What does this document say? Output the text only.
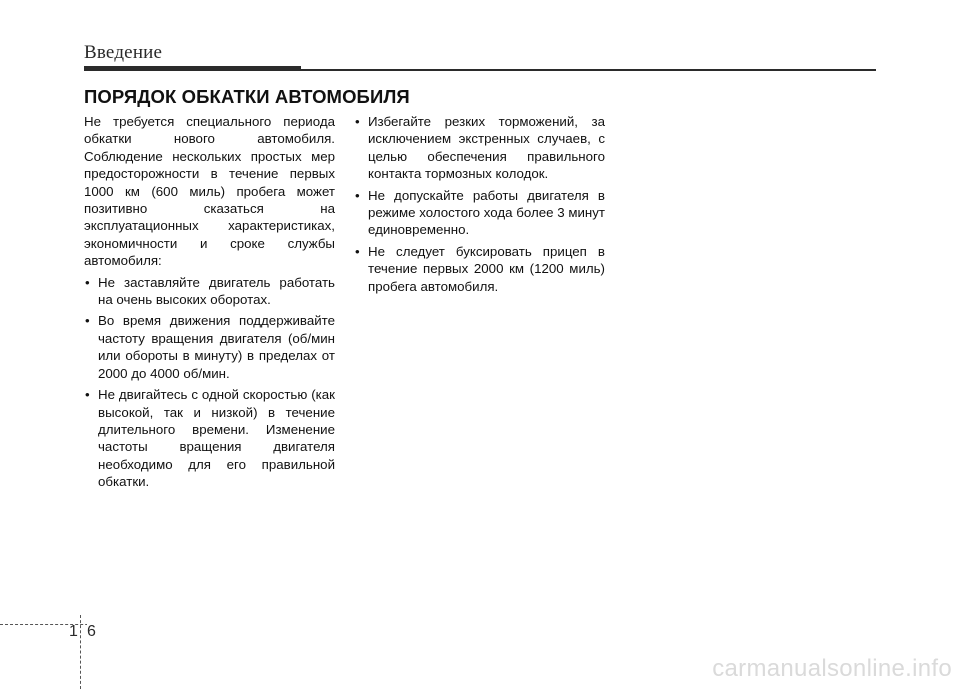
Введение
ПОРЯДОК ОБКАТКИ АВТОМОБИЛЯ

Не требуется специального периода обкатки нового автомобиля. Соблюдение нескольких простых мер предосторожности в течение первых 1000 км (600 миль) пробега может позитивно сказаться на эксплуатационных характеристиках, экономичности и сроке службы автомобиля:

• Не заставляйте двигатель работать на очень высоких оборотах.
• Во время движения поддерживайте частоту вращения двигателя (об/мин или обороты в минуту) в пределах от 2000 до 4000 об/мин.
• Не двигайтесь с одной скоростью (как высокой, так и низкой) в течение длительного времени. Изменение частоты вращения двигателя необходимо для его правильной обкатки.
• Избегайте резких торможений, за исключением экстренных случаев, с целью обеспечения правильного контакта тормозных колодок.
• Не допускайте работы двигателя в режиме холостого хода более 3 минут единовременно.
• Не следует буксировать прицеп в течение первых 2000 км (1200 миль) пробега автомобиля.
1 6
carmanualsonline.info
